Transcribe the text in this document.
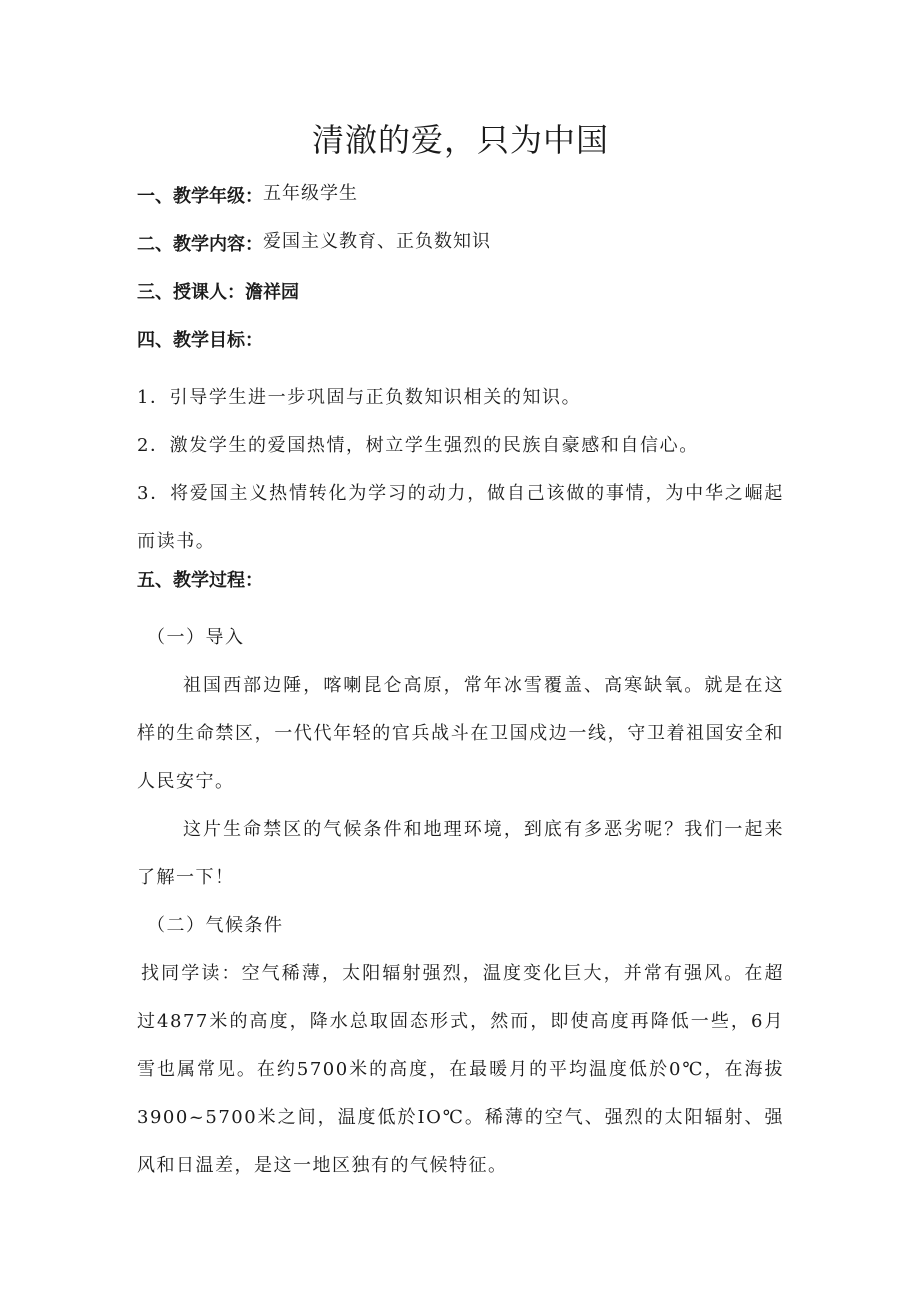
清澈的爱，只为中国
一、教学年级： 五年级学生
二、教学内容： 爱国主义教育、正负数知识
三、授课人： 澹祥园
四、教学目标：

1．引导学生进一步巩固与正负数知识相关的知识。

2．激发学生的爱国热情，树立学生强烈的民族自豪感和自信心。

3．将爱国主义热情转化为学习的动力，做自己该做的事情，为中华之崛起而读书。

五、教学过程：

（一）导入

祖国西部边陲，喀喇昆仑高原，常年冰雪覆盖、高寒缺氧。就是在这样的生命禁区，一代代年轻的官兵战斗在卫国戍边一线，守卫着祖国安全和人民安宁。

这片生命禁区的气候条件和地理环境，到底有多恶劣呢？我们一起来了解一下！

（二）气候条件

找同学读：空气稀薄，太阳辐射强烈，温度变化巨大，并常有强风。在超过4877米的高度，降水总取固态形式，然而，即使高度再降低一些，6月雪也属常见。在约5700米的高度，在最暖月的平均温度低於0℃，在海拔3900~5700米之间，温度低於IO℃。稀薄的空气、强烈的太阳辐射、强风和日温差，是这一地区独有的气候特征。
